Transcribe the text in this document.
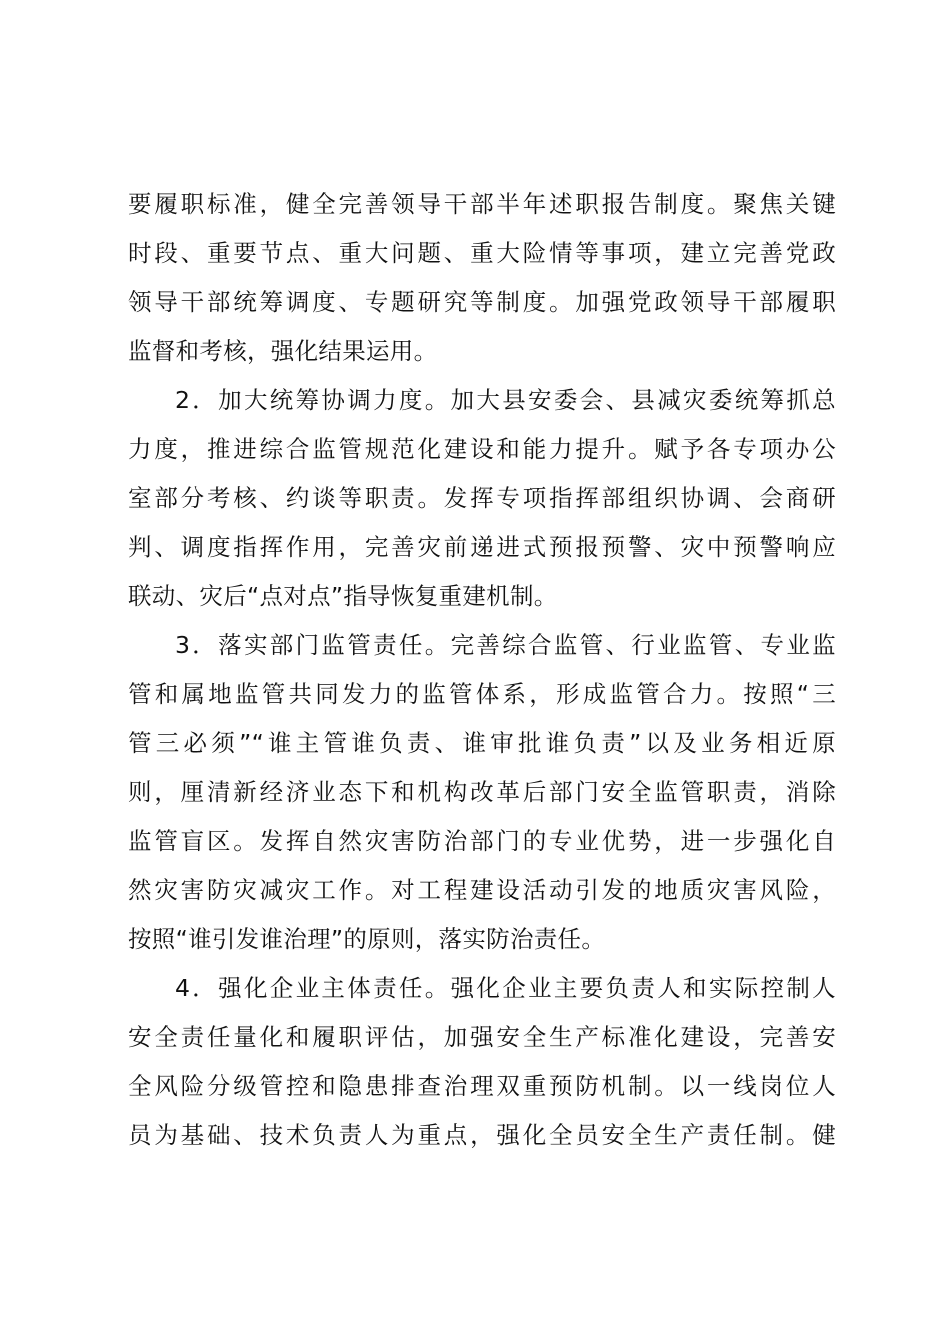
要履职标准，健全完善领导干部半年述职报告制度。聚焦关键
时段、重要节点、重大问题、重大险情等事项，建立完善党政
领导干部统筹调度、专题研究等制度。加强党政领导干部履职
监督和考核，强化结果运用。

2．加大统筹协调力度。加大县安委会、县减灾委统筹抓总
力度，推进综合监管规范化建设和能力提升。赋予各专项办公
室部分考核、约谈等职责。发挥专项指挥部组织协调、会商研
判、调度指挥作用，完善灾前递进式预报预警、灾中预警响应
联动、灾后“点对点”指导恢复重建机制。

3．落实部门监管责任。完善综合监管、行业监管、专业监
管和属地监管共同发力的监管体系，形成监管合力。按照“三
管三必须”“谁主管谁负责、谁审批谁负责”以及业务相近原
则，厘清新经济业态下和机构改革后部门安全监管职责，消除
监管盲区。发挥自然灾害防治部门的专业优势，进一步强化自
然灾害防灾减灾工作。对工程建设活动引发的地质灾害风险，
按照“谁引发谁治理”的原则，落实防治责任。

4．强化企业主体责任。强化企业主要负责人和实际控制人
安全责任量化和履职评估，加强安全生产标准化建设，完善安
全风险分级管控和隐患排查治理双重预防机制。以一线岗位人
员为基础、技术负责人为重点，强化全员安全生产责任制。健
